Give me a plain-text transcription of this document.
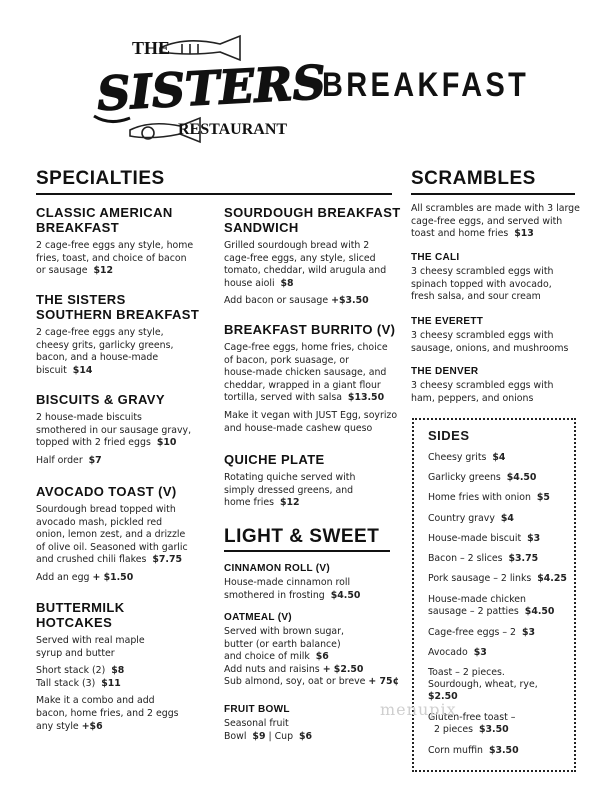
THE
SISTERS
RESTAURANT
BREAKFAST
SPECIALTIES
CLASSIC AMERICAN
BREAKFAST
2 cage-free eggs any style, home
fries, toast, and choice of bacon
or sausage $12
THE SISTERS
SOUTHERN BREAKFAST
2 cage-free eggs any style,
cheesy grits, garlicky greens,
bacon, and a house-made
biscuit $14
BISCUITS & GRAVY
2 house-made biscuits
smothered in our sausage gravy,
topped with 2 fried eggs $10
Half order $7
AVOCADO TOAST (V)
Sourdough bread topped with
avocado mash, pickled red
onion, lemon zest, and a drizzle
of olive oil. Seasoned with garlic
and crushed chili flakes $7.75
Add an egg + $1.50
BUTTERMILK
HOTCAKES
Served with real maple
syrup and butter
Short stack (2) $8
Tall stack (3) $11
Make it a combo and add
bacon, home fries, and 2 eggs
any style +$6
SOURDOUGH BREAKFAST
SANDWICH
Grilled sourdough bread with 2
cage-free eggs, any style, sliced
tomato, cheddar, wild arugula and
house aioli $8
Add bacon or sausage +$3.50
BREAKFAST BURRITO (V)
Cage-free eggs, home fries, choice
of bacon, pork suasage, or
house-made chicken sausage, and
cheddar, wrapped in a giant flour
tortilla, served with salsa $13.50
Make it vegan with JUST Egg, soyrizo
and house-made cashew queso
QUICHE PLATE
Rotating quiche served with
simply dressed greens, and
home fries $12
LIGHT & SWEET
CINNAMON ROLL (V)
House-made cinnamon roll
smothered in frosting $4.50
OATMEAL (V)
Served with brown sugar,
butter (or earth balance)
and choice of milk $6
Add nuts and raisins + $2.50
Sub almond, soy, oat or breve + 75¢
FRUIT BOWL
Seasonal fruit
Bowl $9 | Cup $6
SCRAMBLES
All scrambles are made with 3 large
cage-free eggs, and served with
toast and home fries $13
THE CALI
3 cheesy scrambled eggs with
spinach topped with avocado,
fresh salsa, and sour cream
THE EVERETT
3 cheesy scrambled eggs with
sausage, onions, and mushrooms
THE DENVER
3 cheesy scrambled eggs with
ham, peppers, and onions
SIDES
Cheesy grits $4
Garlicky greens $4.50
Home fries with onion $5
Country gravy $4
House-made biscuit $3
Bacon – 2 slices $3.75
Pork sausage – 2 links $4.25
House-made chicken
sausage – 2 patties $4.50
Cage-free eggs – 2 $3
Avocado $3
Toast – 2 pieces.
Sourdough, wheat, rye,
$2.50
Gluten-free toast –
2 pieces $3.50
Corn muffin $3.50
menupix
